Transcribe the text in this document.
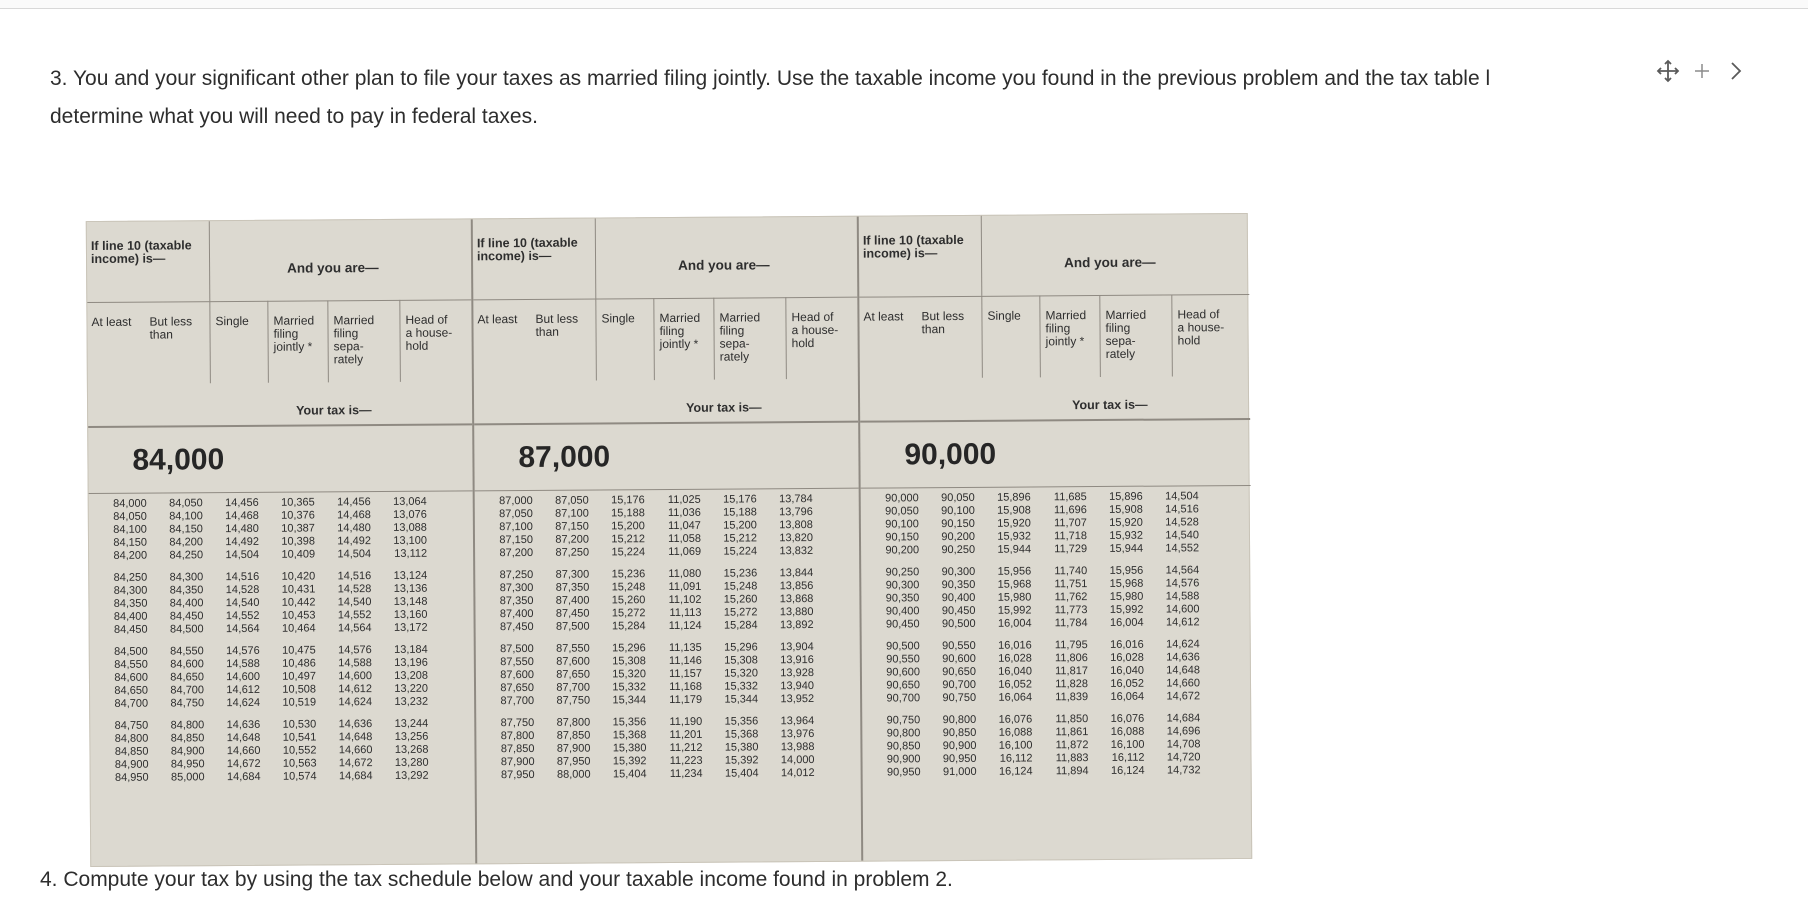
3. You and your significant other plan to file your taxes as married filing jointly. Use the taxable income you found in the previous problem and the tax table l
determine what you will need to pay in federal taxes.
If line 10 (taxable income) is—
And you are—
At least	But less than
Single	Married filing jointly *
Married filing sepa- rately
Head of a house- hold
Your tax is—
84,000
84,000	84,050	14,456	10,365	14,456	13,064
84,050	84,100	14,468	10,376	14,468	13,076
84,100	84,150	14,480	10,387	14,480	13,088
84,150	84,200	14,492	10,398	14,492	13,100
84,200	84,250	14,504	10,409	14,504	13,112
84,250	84,300	14,516	10,420	14,516	13,124
84,300	84,350	14,528	10,431	14,528	13,136
84,350	84,400	14,540	10,442	14,540	13,148
84,400	84,450	14,552	10,453	14,552	13,160
84,450	84,500	14,564	10,464	14,564	13,172
84,500	84,550	14,576	10,475	14,576	13,184
84,550	84,600	14,588	10,486	14,588	13,196
84,600	84,650	14,600	10,497	14,600	13,208
84,650	84,700	14,612	10,508	14,612	13,220
84,700	84,750	14,624	10,519	14,624	13,232
84,750	84,800	14,636	10,530	14,636	13,244
84,800	84,850	14,648	10,541	14,648	13,256
84,850	84,900	14,660	10,552	14,660	13,268
84,900	84,950	14,672	10,563	14,672	13,280
84,950	85,000	14,684	10,574	14,684	13,292
If line 10 (taxable income) is—
And you are—
At least	But less than
Single	Married filing jointly *
Married filing sepa- rately
Head of a house- hold
Your tax is—
87,000
87,000	87,050	15,176	11,025	15,176	13,784
87,050	87,100	15,188	11,036	15,188	13,796
87,100	87,150	15,200	11,047	15,200	13,808
87,150	87,200	15,212	11,058	15,212	13,820
87,200	87,250	15,224	11,069	15,224	13,832
87,250	87,300	15,236	11,080	15,236	13,844
87,300	87,350	15,248	11,091	15,248	13,856
87,350	87,400	15,260	11,102	15,260	13,868
87,400	87,450	15,272	11,113	15,272	13,880
87,450	87,500	15,284	11,124	15,284	13,892
87,500	87,550	15,296	11,135	15,296	13,904
87,550	87,600	15,308	11,146	15,308	13,916
87,600	87,650	15,320	11,157	15,320	13,928
87,650	87,700	15,332	11,168	15,332	13,940
87,700	87,750	15,344	11,179	15,344	13,952
87,750	87,800	15,356	11,190	15,356	13,964
87,800	87,850	15,368	11,201	15,368	13,976
87,850	87,900	15,380	11,212	15,380	13,988
87,900	87,950	15,392	11,223	15,392	14,000
87,950	88,000	15,404	11,234	15,404	14,012
If line 10 (taxable income) is—
And you are—
At least	But less than
Single	Married filing jointly *
Married filing sepa- rately
Head of a house- hold
Your tax is—
90,000
90,000	90,050	15,896	11,685	15,896	14,504
90,050	90,100	15,908	11,696	15,908	14,516
90,100	90,150	15,920	11,707	15,920	14,528
90,150	90,200	15,932	11,718	15,932	14,540
90,200	90,250	15,944	11,729	15,944	14,552
90,250	90,300	15,956	11,740	15,956	14,564
90,300	90,350	15,968	11,751	15,968	14,576
90,350	90,400	15,980	11,762	15,980	14,588
90,400	90,450	15,992	11,773	15,992	14,600
90,450	90,500	16,004	11,784	16,004	14,612
90,500	90,550	16,016	11,795	16,016	14,624
90,550	90,600	16,028	11,806	16,028	14,636
90,600	90,650	16,040	11,817	16,040	14,648
90,650	90,700	16,052	11,828	16,052	14,660
90,700	90,750	16,064	11,839	16,064	14,672
90,750	90,800	16,076	11,850	16,076	14,684
90,800	90,850	16,088	11,861	16,088	14,696
90,850	90,900	16,100	11,872	16,100	14,708
90,900	90,950	16,112	11,883	16,112	14,720
90,950	91,000	16,124	11,894	16,124	14,732
4. Compute your tax by using the tax schedule below and your taxable income found in problem 2.
